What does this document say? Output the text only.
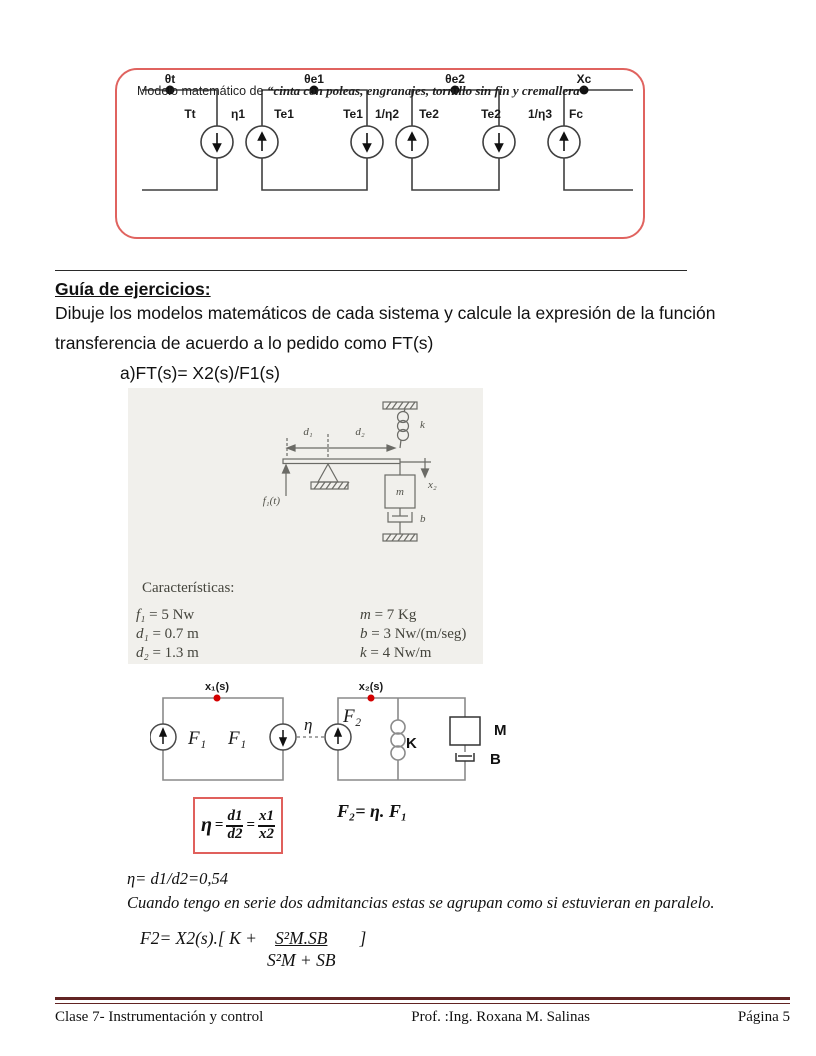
Modelo matemático de “cinta con poleas, engranajes, tornillo sin fin y cremallera”
θt	θe1	θe2	Xc
Tt	η1 Te1	Te1 1/η2 Te2	Te2 1/η3 Fc
Guía de ejercicios:
Dibuje los modelos matemáticos de cada sistema y calcule la expresión de la función
transferencia de acuerdo a lo pedido como FT(s)
a)FT(s)= X2(s)/F1(s)
d₁	d₂
k
f₁(t)
x₂
m
b
Características:
f₁ = 5 Nw
d₁ = 0.7 m
d₂ = 1.3 m
m = 7 Kg
b = 3 Nw/(m/seg)
k = 4 Nw/m
x₁(s)	x₂(s)
F₁ F₁
η F₂
K
M
B
$\eta = \frac{d1}{d2} = \frac{x1}{x2}$	F₂= η. F₁
η= d1/d2=0,54
Cuando tengo en serie dos admitancias estas se agrupan como si estuvieran en paralelo.
F2= X2(s).[ $K + \frac{\text{S²M.SB}}{\text{S²M + SB}}$ ]
Clase 7- Instrumentación y control	Prof. :Ing. Roxana M. Salinas	Página 5
